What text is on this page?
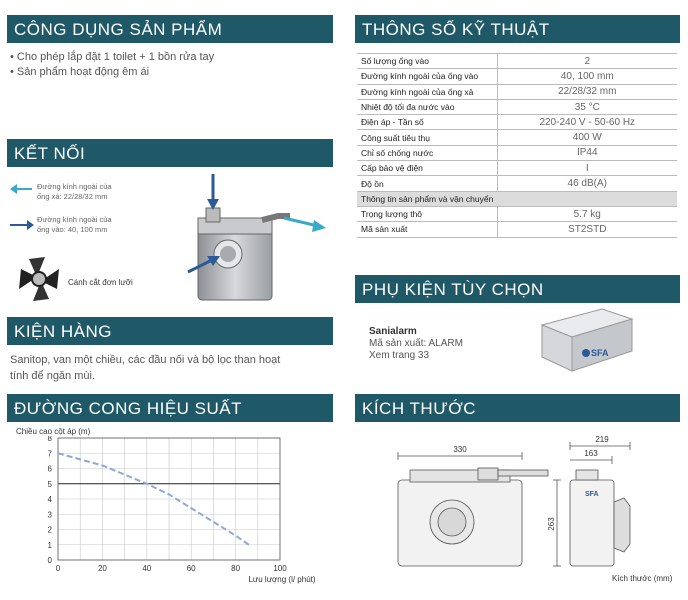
CÔNG DỤNG SẢN PHẨM
• Cho phép lắp đặt 1 toilet + 1 bồn rửa tay
• Sản phẩm hoạt động êm ái
KẾT NỐI
Đường kính ngoài của
ống xả: 22/28/32 mm
Đường kính ngoài của
ống vào: 40, 100 mm
Cánh cắt đơn lưỡi
KIỆN HÀNG
Sanitop, van một chiều, các đầu nối và bộ lọc than hoạt
tính để ngăn mùi.
ĐƯỜNG CONG HIỆU SUẤT
Chiều cao cột áp (m)
0	20	40	60	80	100
0
1
2
3
4
5
6
7
8
Lưu lượng (l/ phút)
THÔNG SỐ KỸ THUẬT
Số lượng ống vào	2
Đường kính ngoài của ống vào	40, 100 mm
Đường kính ngoài của ống xả	22/28/32 mm
Nhiệt độ tối đa nước vào	35 °C
Điện áp - Tần số	220-240 V - 50-60 Hz
Công suất tiêu thụ	400 W
Chỉ số chống nước	IP44
Cấp bảo vệ điện	I
Độ ồn	46 dB(A)
Thông tin sản phẩm và vận chuyển	
Trọng lượng thô	5.7 kg
Mã sản xuất	ST2STD
PHỤ KIỆN TÙY CHỌN
Sanialarm
Mã sản xuất: ALARM
Xem trang 33	SFA
KÍCH THƯỚC
330
219
163
263
SFA
Kích thước (mm)
